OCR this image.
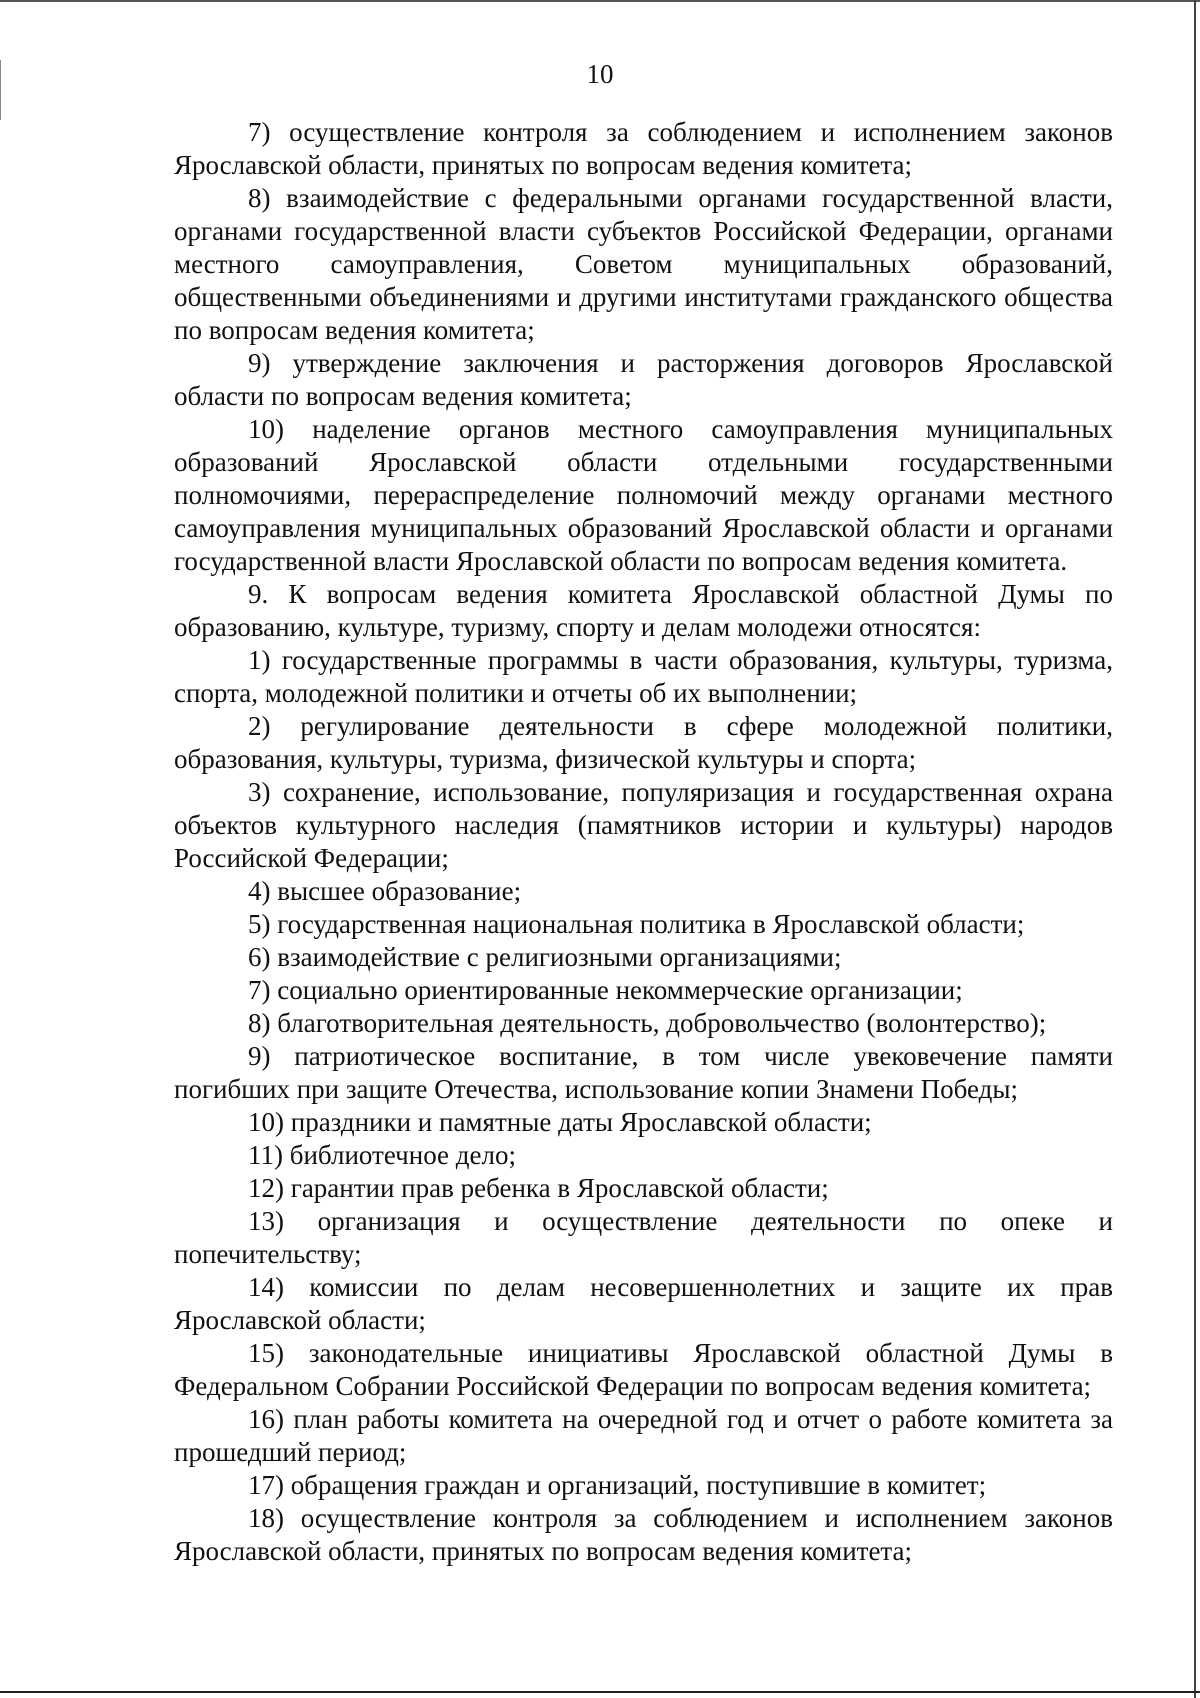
10

7) осуществление контроля за соблюдением и исполнением законов Ярославской области, принятых по вопросам ведения комитета;

8) взаимодействие с федеральными органами государственной власти, органами государственной власти субъектов Российской Федерации, органами местного самоуправления, Советом муниципальных образований, общественными объединениями и другими институтами гражданского общества по вопросам ведения комитета;

9) утверждение заключения и расторжения договоров Ярославской области по вопросам ведения комитета;

10) наделение органов местного самоуправления муниципальных образований Ярославской области отдельными государственными полномочиями, перераспределение полномочий между органами местного самоуправления муниципальных образований Ярославской области и органами государственной власти Ярославской области по вопросам ведения комитета.

9. К вопросам ведения комитета Ярославской областной Думы по образованию, культуре, туризму, спорту и делам молодежи относятся:

1) государственные программы в части образования, культуры, туризма, спорта, молодежной политики и отчеты об их выполнении;

2) регулирование деятельности в сфере молодежной политики, образования, культуры, туризма, физической культуры и спорта;

3) сохранение, использование, популяризация и государственная охрана объектов культурного наследия (памятников истории и культуры) народов Российской Федерации;

4) высшее образование;

5) государственная национальная политика в Ярославской области;

6) взаимодействие с религиозными организациями;

7) социально ориентированные некоммерческие организации;

8) благотворительная деятельность, добровольчество (волонтерство);

9) патриотическое воспитание, в том числе увековечение памяти погибших при защите Отечества, использование копии Знамени Победы;

10) праздники и памятные даты Ярославской области;

11) библиотечное дело;

12) гарантии прав ребенка в Ярославской области;

13) организация и осуществление деятельности по опеке и попечительству;

14) комиссии по делам несовершеннолетних и защите их прав Ярославской области;

15) законодательные инициативы Ярославской областной Думы в Федеральном Собрании Российской Федерации по вопросам ведения комитета;

16) план работы комитета на очередной год и отчет о работе комитета за прошедший период;

17) обращения граждан и организаций, поступившие в комитет;

18) осуществление контроля за соблюдением и исполнением законов Ярославской области, принятых по вопросам ведения комитета;
